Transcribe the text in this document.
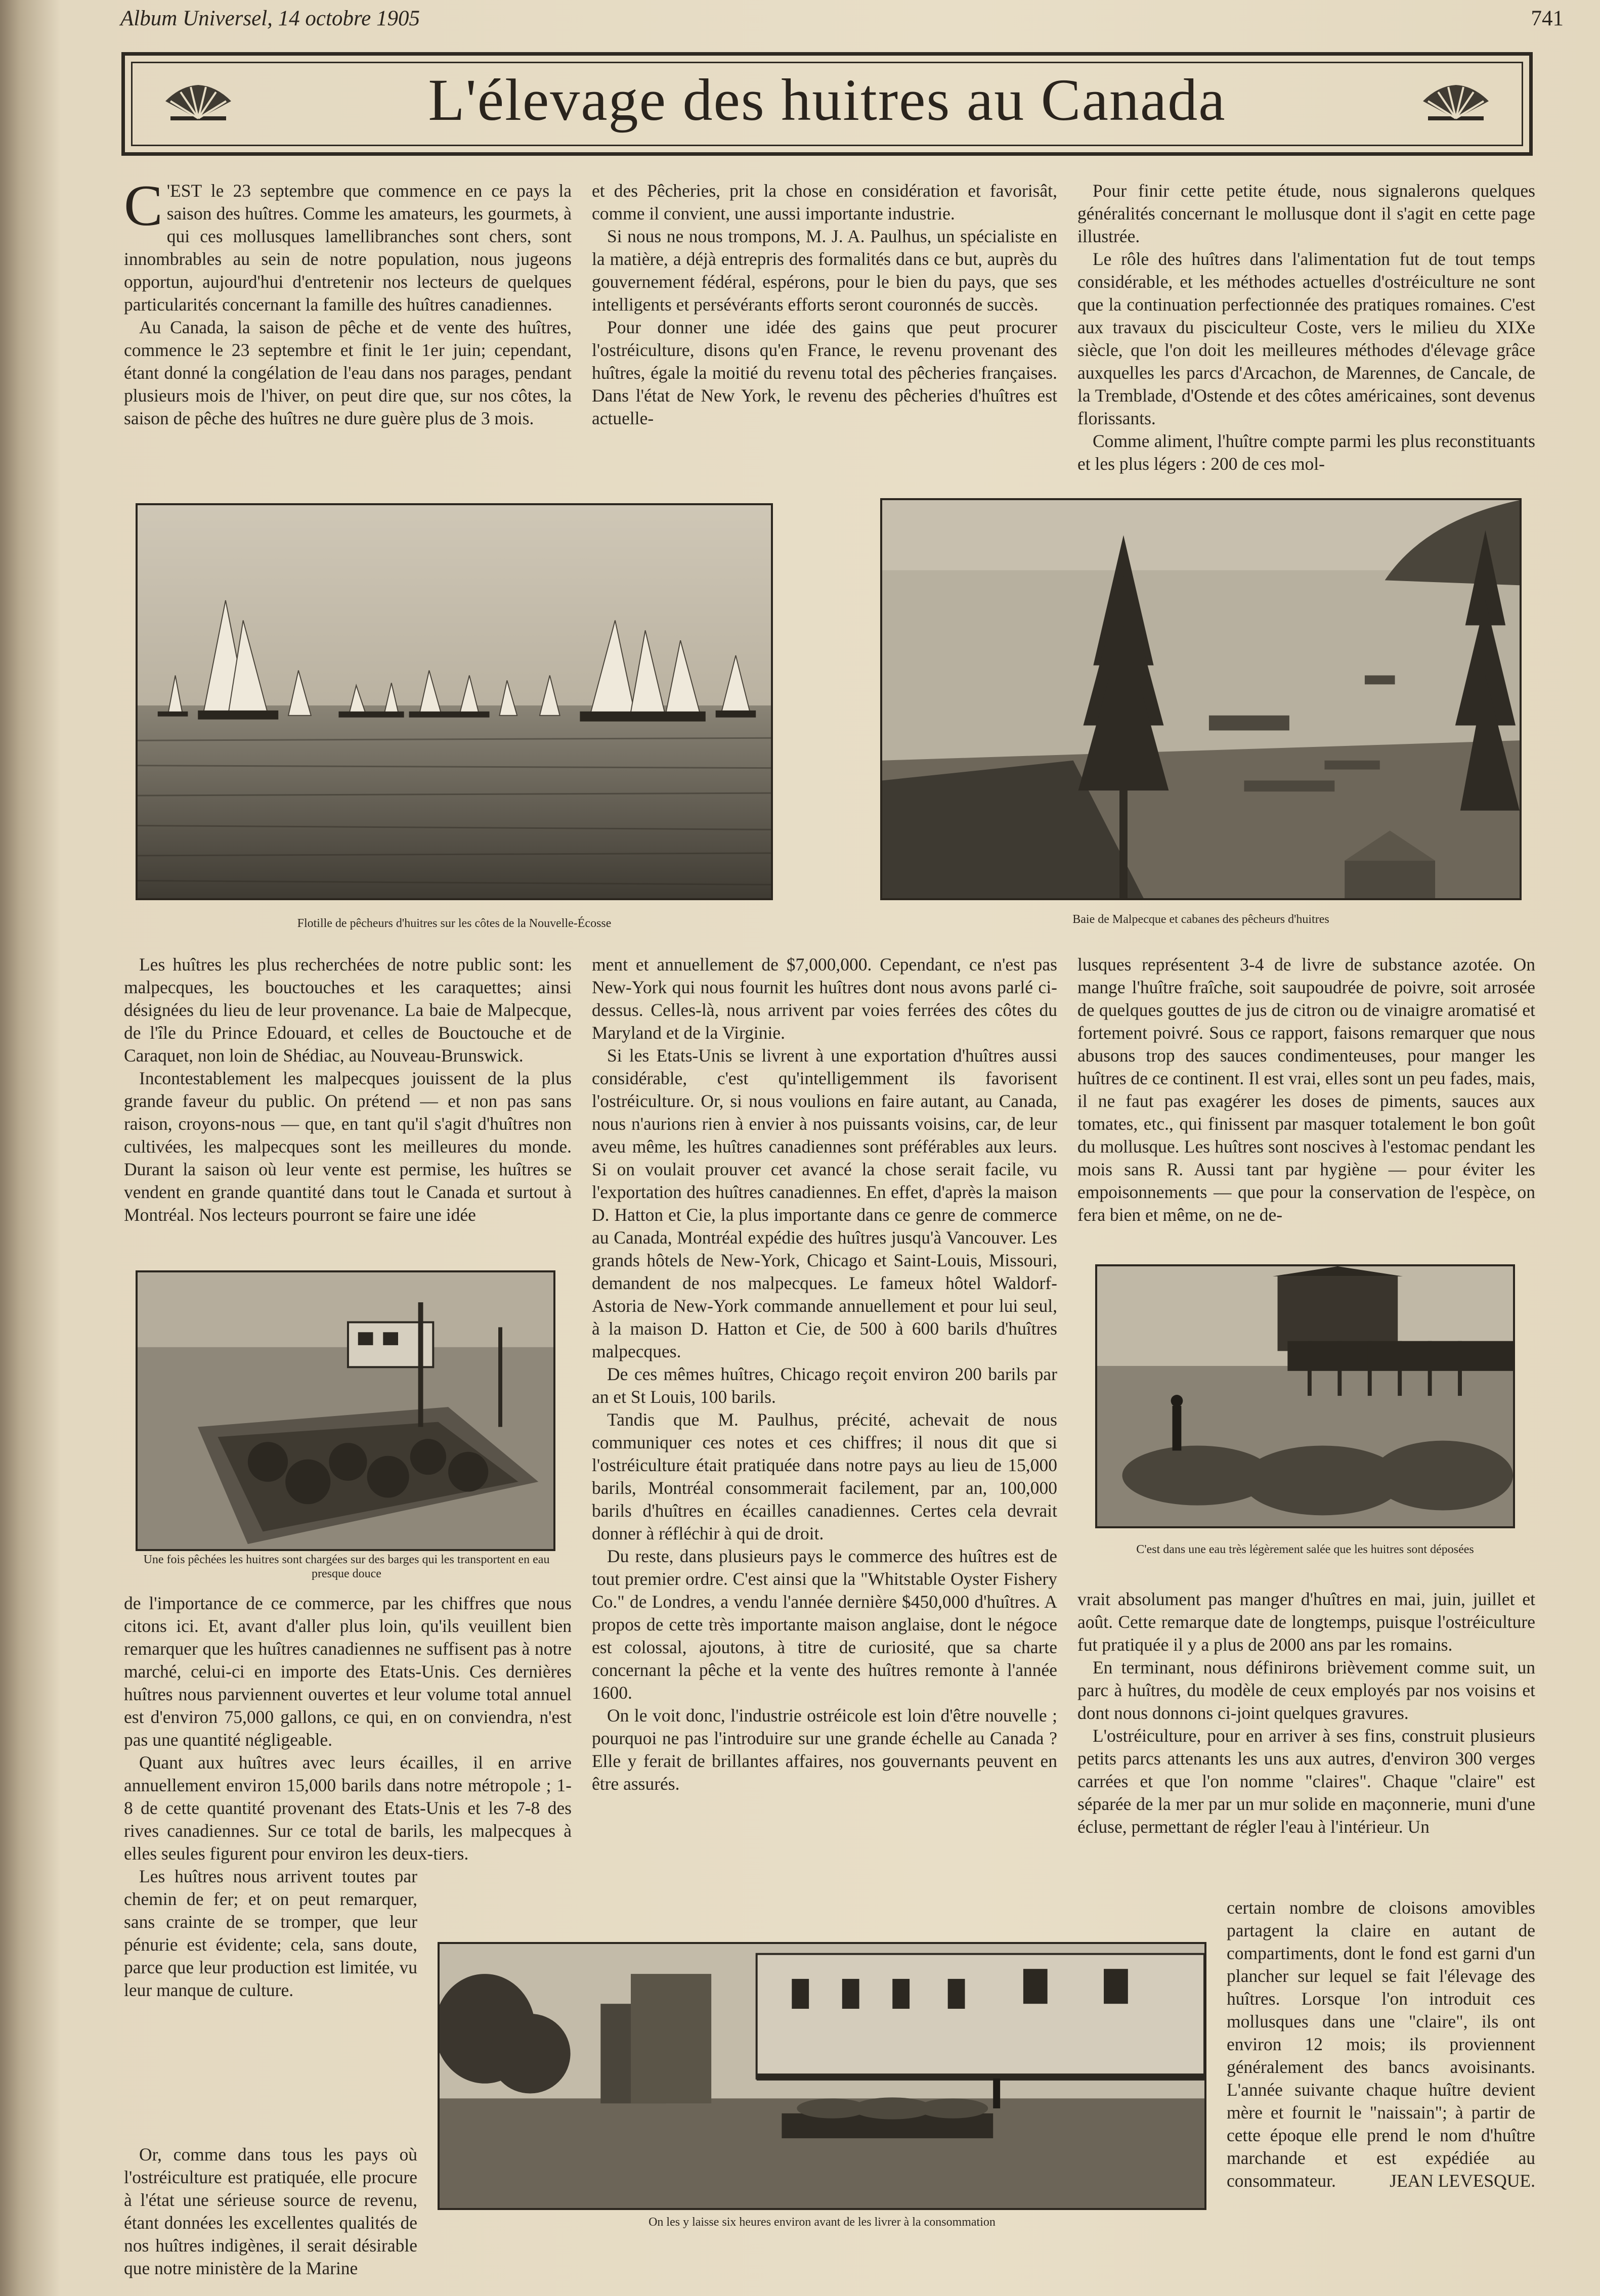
Album Universel, 14 octobre 1905	741
L'élevage des huitres au Canada

C 'EST le 23 septembre que commence en ce pays la saison des huîtres. Comme les amateurs, les gourmets, à qui ces mollusques lamellibranches sont chers, sont innombrables au sein de notre population, nous jugeons opportun, aujourd'hui d'entretenir nos lecteurs de quelques particularités concernant la famille des huîtres canadiennes.

Au Canada, la saison de pêche et de vente des huîtres, commence le 23 septembre et finit le 1er juin; cependant, étant donné la congélation de l'eau dans nos parages, pendant plusieurs mois de l'hiver, on peut dire que, sur nos côtes, la saison de pêche des huîtres ne dure guère plus de 3 mois.

et des Pêcheries, prit la chose en considération et favorisât, comme il convient, une aussi importante industrie.

Si nous ne nous trompons, M. J. A. Paulhus, un spécialiste en la matière, a déjà entrepris des formalités dans ce but, auprès du gouvernement fédéral, espérons, pour le bien du pays, que ses intelligents et persévérants efforts seront couronnés de succès.

Pour donner une idée des gains que peut procurer l'ostréiculture, disons qu'en France, le revenu provenant des huîtres, égale la moitié du revenu total des pêcheries françaises. Dans l'état de New York, le revenu des pêcheries d'huîtres est actuelle-

Pour finir cette petite étude, nous signalerons quelques généralités concernant le mollusque dont il s'agit en cette page illustrée.

Le rôle des huîtres dans l'alimentation fut de tout temps considérable, et les méthodes actuelles d'ostréiculture ne sont que la continuation perfectionnée des pratiques romaines. C'est aux travaux du pisciculteur Coste, vers le milieu du XIXe siècle, que l'on doit les meilleures méthodes d'élevage grâce auxquelles les parcs d'Arcachon, de Marennes, de Cancale, de la Tremblade, d'Ostende et des côtes américaines, sont devenus florissants.

Comme aliment, l'huître compte parmi les plus reconstituants et les plus légers : 200 de ces mol-

Flotille de pêcheurs d'huitres sur les côtes de la Nouvelle-Écosse	Baie de Malpecque et cabanes des pêcheurs d'huitres

Les huîtres les plus recherchées de notre public sont: les malpecques, les bouctouches et les caraquettes; ainsi désignées du lieu de leur provenance. La baie de Malpecque, de l'île du Prince Edouard, et celles de Bouctouche et de Caraquet, non loin de Shédiac, au Nouveau-Brunswick.

Incontestablement les malpecques jouissent de la plus grande faveur du public. On prétend — et non pas sans raison, croyons-nous — que, en tant qu'il s'agit d'huîtres non cultivées, les malpecques sont les meilleures du monde. Durant la saison où leur vente est permise, les huîtres se vendent en grande quantité dans tout le Canada et surtout à Montréal. Nos lecteurs pourront se faire une idée

Une fois pêchées les huitres sont chargées sur des barges qui les transportent en eau presque douce

de l'importance de ce commerce, par les chiffres que nous citons ici. Et, avant d'aller plus loin, qu'ils veuillent bien remarquer que les huîtres canadiennes ne suffisent pas à notre marché, celui-ci en importe des Etats-Unis. Ces dernières huîtres nous parviennent ouvertes et leur volume total annuel est d'environ 75,000 gallons, ce qui, en on conviendra, n'est pas une quantité négligeable.

Quant aux huîtres avec leurs écailles, il en arrive annuellement environ 15,000 barils dans notre métropole ; 1-8 de cette quantité provenant des Etats-Unis et les 7-8 des rives canadiennes. Sur ce total de barils, les malpecques à elles seules figurent pour environ les deux-tiers.

Les huîtres nous arrivent toutes par chemin de fer; et on peut remarquer, sans crainte de se tromper, que leur pénurie est évidente; cela, sans doute, parce que leur production est limitée, vu leur manque de culture.

Or, comme dans tous les pays où l'ostréiculture est pratiquée, elle procure à l'état une sérieuse source de revenu, étant données les excellentes qualités de nos huîtres indigènes, il serait désirable que notre ministère de la Marine

ment et annuellement de $7,000,000. Cependant, ce n'est pas New-York qui nous fournit les huîtres dont nous avons parlé ci-dessus. Celles-là, nous arrivent par voies ferrées des côtes du Maryland et de la Virginie.

Si les Etats-Unis se livrent à une exportation d'huîtres aussi considérable, c'est qu'intelligemment ils favorisent l'ostréiculture. Or, si nous voulions en faire autant, au Canada, nous n'aurions rien à envier à nos puissants voisins, car, de leur aveu même, les huîtres canadiennes sont préférables aux leurs. Si on voulait prouver cet avancé la chose serait facile, vu l'exportation des huîtres canadiennes. En effet, d'après la maison D. Hatton et Cie, la plus importante dans ce genre de commerce au Canada, Montréal expédie des huîtres jusqu'à Vancouver. Les grands hôtels de New-York, Chicago et Saint-Louis, Missouri, demandent de nos malpecques. Le fameux hôtel Waldorf-Astoria de New-York commande annuellement et pour lui seul, à la maison D. Hatton et Cie, de 500 à 600 barils d'huîtres malpecques.

De ces mêmes huîtres, Chicago reçoit environ 200 barils par an et St Louis, 100 barils.

Tandis que M. Paulhus, précité, achevait de nous communiquer ces notes et ces chiffres; il nous dit que si l'ostréiculture était pratiquée dans notre pays au lieu de 15,000 barils, Montréal consommerait facilement, par an, 100,000 barils d'huîtres en écailles canadiennes. Certes cela devrait donner à réfléchir à qui de droit.

Du reste, dans plusieurs pays le commerce des huîtres est de tout premier ordre. C'est ainsi que la "Whitstable Oyster Fishery Co." de Londres, a vendu l'année dernière $450,000 d'huîtres. A propos de cette très importante maison anglaise, dont le négoce est colossal, ajoutons, à titre de curiosité, que sa charte concernant la pêche et la vente des huîtres remonte à l'année 1600.

On le voit donc, l'industrie ostréicole est loin d'être nouvelle ; pourquoi ne pas l'introduire sur une grande échelle au Canada ? Elle y ferait de brillantes affaires, nos gouvernants peuvent en être assurés.

lusques représentent 3-4 de livre de substance azotée. On mange l'huître fraîche, soit saupoudrée de poivre, soit arrosée de quelques gouttes de jus de citron ou de vinaigre aromatisé et fortement poivré. Sous ce rapport, faisons remarquer que nous abusons trop des sauces condimenteuses, pour manger les huîtres de ce continent. Il est vrai, elles sont un peu fades, mais, il ne faut pas exagérer les doses de piments, sauces aux tomates, etc., qui finissent par masquer totalement le bon goût du mollusque. Les huîtres sont noscives à l'estomac pendant les mois sans R. Aussi tant par hygiène — pour éviter les empoisonnements — que pour la conservation de l'espèce, on fera bien et même, on ne de-

C'est dans une eau très légèrement salée que les huitres sont déposées

vrait absolument pas manger d'huîtres en mai, juin, juillet et août. Cette remarque date de longtemps, puisque l'ostréiculture fut pratiquée il y a plus de 2000 ans par les romains.

En terminant, nous définirons brièvement comme suit, un parc à huîtres, du modèle de ceux employés par nos voisins et dont nous donnons ci-joint quelques gravures.

L'ostréiculture, pour en arriver à ses fins, construit plusieurs petits parcs attenants les uns aux autres, d'environ 300 verges carrées et que l'on nomme "claires". Chaque "claire" est séparée de la mer par un mur solide en maçonnerie, muni d'une écluse, permettant de régler l'eau à l'intérieur. Un

certain nombre de cloisons amovibles partagent la claire en autant de compartiments, dont le fond est garni d'un plancher sur lequel se fait l'élevage des huîtres. Lorsque l'on introduit ces mollusques dans une "claire", ils ont environ 12 mois; ils proviennent généralement des bancs avoisinants. L'année suivante chaque huître devient mère et fournit le "naissain"; à partir de cette époque elle prend le nom d'huître marchande et est expédiée au consommateur.	JEAN LEVESQUE.

On les y laisse six heures environ avant de les livrer à la consommation
